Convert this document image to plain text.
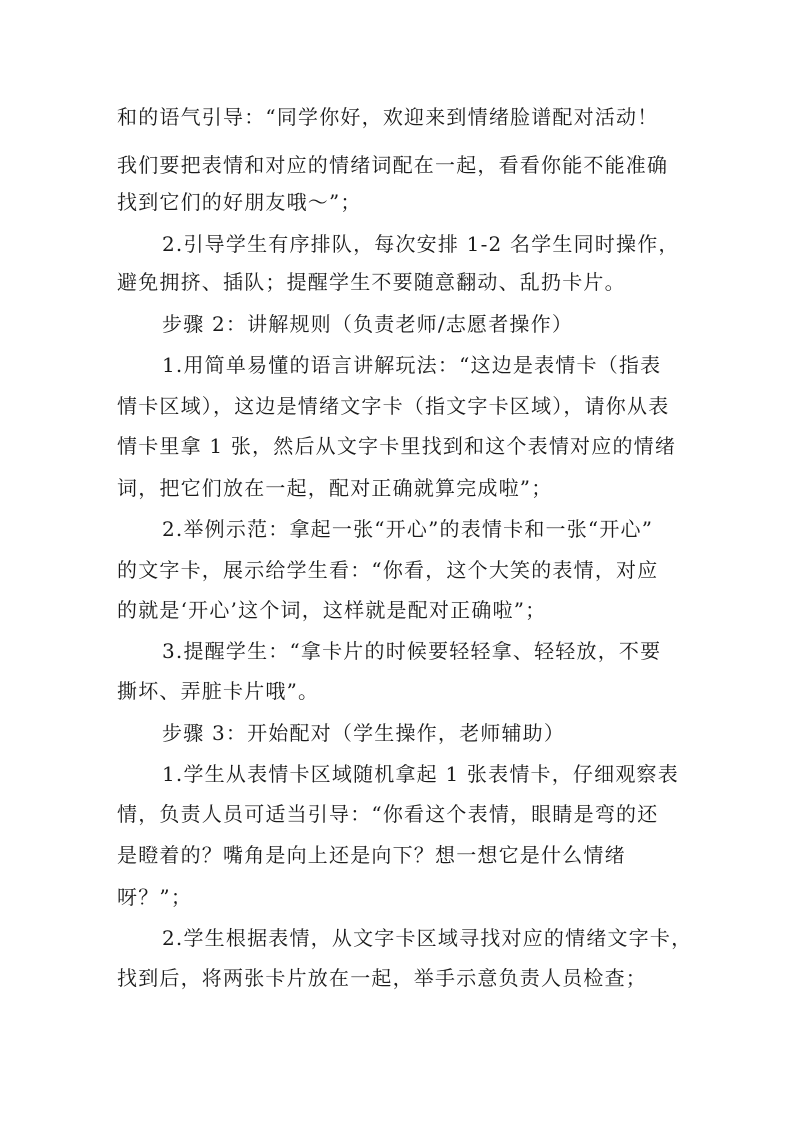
和的语气引导：“同学你好，欢迎来到情绪脸谱配对活动！
我们要把表情和对应的情绪词配在一起，看看你能不能准确
找到它们的好朋友哦～”；
2.引导学生有序排队，每次安排 1-2 名学生同时操作，
避免拥挤、插队；提醒学生不要随意翻动、乱扔卡片。
步骤 2：讲解规则（负责老师/志愿者操作）
1.用简单易懂的语言讲解玩法：“这边是表情卡（指表
情卡区域），这边是情绪文字卡（指文字卡区域），请你从表
情卡里拿 1 张，然后从文字卡里找到和这个表情对应的情绪
词，把它们放在一起，配对正确就算完成啦”；
2.举例示范：拿起一张“开心”的表情卡和一张“开心”
的文字卡，展示给学生看：“你看，这个大笑的表情，对应
的就是‘开心’这个词，这样就是配对正确啦”；
3.提醒学生：“拿卡片的时候要轻轻拿、轻轻放，不要
撕坏、弄脏卡片哦”。
步骤 3：开始配对（学生操作，老师辅助）
1.学生从表情卡区域随机拿起 1 张表情卡，仔细观察表
情，负责人员可适当引导：“你看这个表情，眼睛是弯的还
是瞪着的？嘴角是向上还是向下？想一想它是什么情绪
呀？”；
2.学生根据表情，从文字卡区域寻找对应的情绪文字卡，
找到后，将两张卡片放在一起，举手示意负责人员检查；
